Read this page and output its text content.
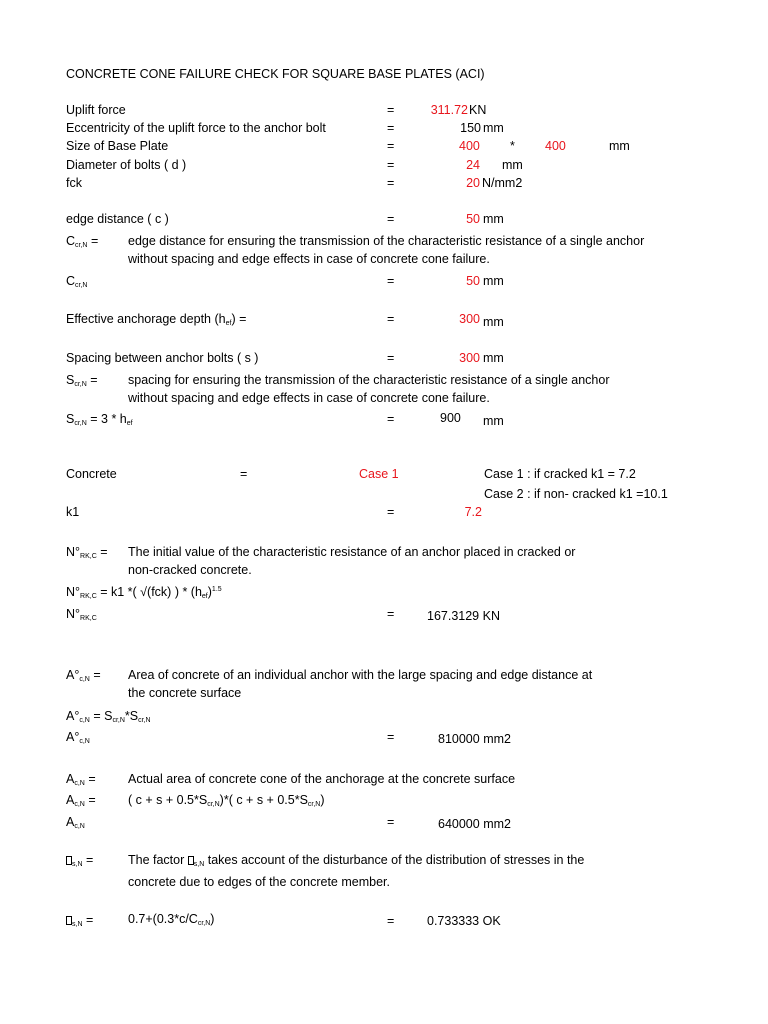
CONCRETE CONE FAILURE CHECK FOR SQUARE BASE PLATES (ACI)
Uplift force	=	311.72 KN
Eccentricity of the uplift force to the anchor bolt	=	150 mm
Size of Base Plate	=	400 * 400	mm
Diameter of bolts ( d )	=	24 mm
fck	=	20 N/mm2
edge distance ( c )	=	50 mm
$C_{cr,N}$ = edge distance for ensuring the transmission of the characteristic resistance of a single anchor
without spacing and edge effects in case of concrete cone failure.
$C_{cr,N}$	=	50 mm
Effective anchorage depth $(h_{ef})$ =	=	300 mm
Spacing between anchor bolts ( s )	=	300 mm
$S_{cr,N}$ = spacing for ensuring the transmission of the characteristic resistance of a single anchor
without spacing and edge effects in case of concrete cone failure.
$S_{cr,N} = 3 * h_{ef}$	=	900 mm
Concrete	=	Case 1	Case 1 : if cracked k1 = 7.2
Case 2 : if non- cracked k1 =10.1
k1	=	7.2
$N^\circ_{RK,C}$ = The initial value of the characteristic resistance of an anchor placed in cracked or
non-cracked concrete.
$N^\circ_{RK,C} = k1$ *( √(fck) ) * $(h_{ef})^{1.5}$
$N^\circ_{RK,C}$	=	167.3129 KN
$A^\circ_{c,N}$ = Area of concrete of an individual anchor with the large spacing and edge distance at
the concrete surface
$A^\circ_{c,N} = S_{cr,N}*S_{cr,N}$
$A^\circ_{c,N}$	=	810000 mm2
$A_{c,N}$ =	Actual area of concrete cone of the anchorage at the concrete surface
$A_{c,N}$ =	( $c + s + 0.5*S_{cr,N})*$( $c + s + 0.5*S_{cr,N}$)
$A_{c,N}$	=	640000 mm2
$_{s,N}$ =	The factor $_{s,N}$ takes account of the disturbance of the distribution of stresses in the
concrete due to edges of the concrete member.
$_{s,N}$ =	$0.7+(0.3*c/C_{cr,N})$	=	0.733333 OK
